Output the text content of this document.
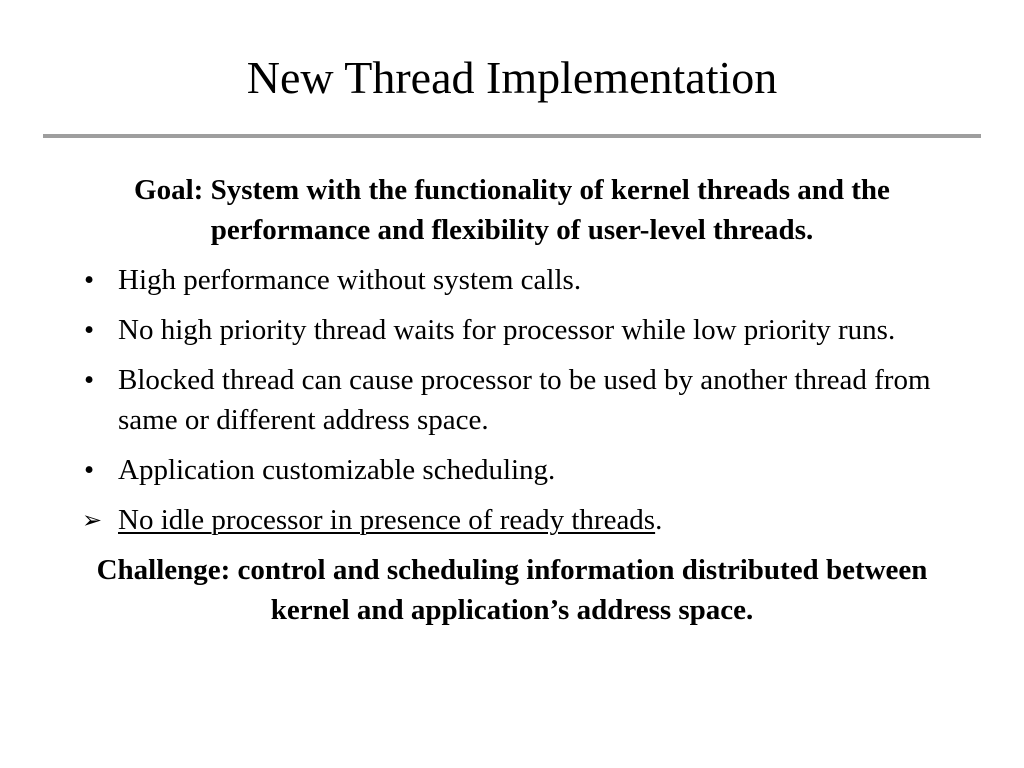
New Thread Implementation
Goal: System with the functionality of kernel threads and the performance and flexibility of user-level threads.
• High performance without system calls.
• No high priority thread waits for processor while low priority runs.
• Blocked thread can cause processor to be used by another thread from same or different address space.
• Application customizable scheduling.
➢ No idle processor in presence of ready threads.
Challenge: control and scheduling information distributed between kernel and application’s address space.
